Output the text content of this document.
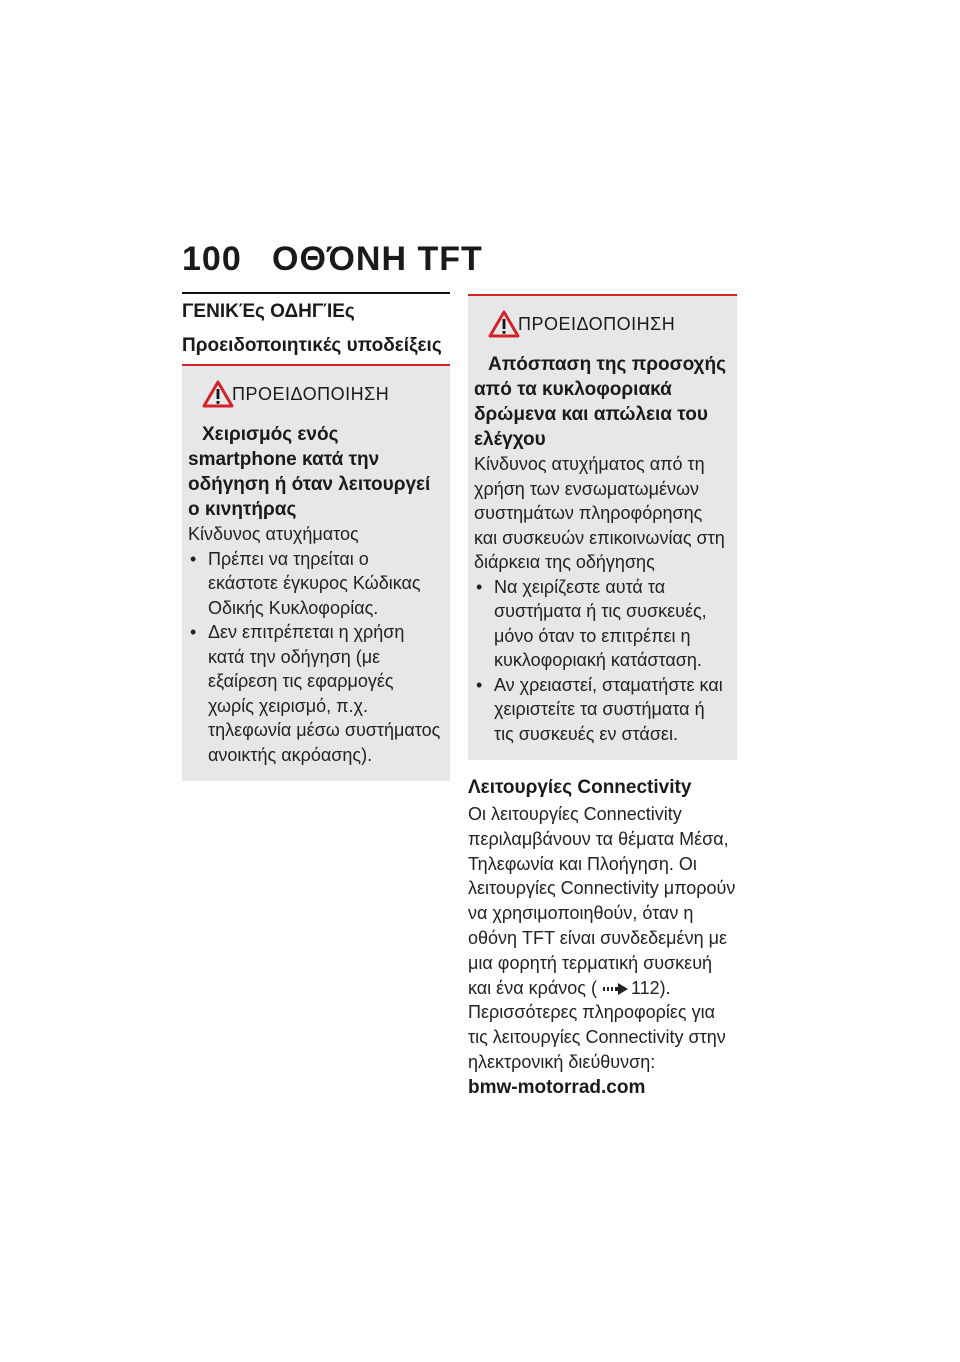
100 ΟΘΌΝΗ TFT
ΓΕΝΙΚΈς ΟΔΗΓΊΕς
Προειδοποιητικές υποδείξεις
ΠΡΟΕΙΔΟΠΟΙΗΣΗ
Χειρισμός ενός smartphone κατά την οδήγηση ή όταν λειτουργεί ο κινητήρας
Κίνδυνος ατυχήματος
• Πρέπει να τηρείται ο εκάστοτε έγκυρος Κώδικας Οδικής Κυκλοφορίας.
• Δεν επιτρέπεται η χρήση κατά την οδήγηση (με εξαίρεση τις εφαρμογές χωρίς χειρισμό, π.χ. τηλεφωνία μέσω συστήματος ανοικτής ακρόασης).
ΠΡΟΕΙΔΟΠΟΙΗΣΗ
Απόσπαση της προσοχής από τα κυκλοφοριακά δρώμενα και απώλεια του ελέγχου
Κίνδυνος ατυχήματος από τη χρήση των ενσωματωμένων συστημάτων πληροφόρησης και συσκευών επικοινωνίας στη διάρκεια της οδήγησης
• Να χειρίζεστε αυτά τα συστήματα ή τις συσκευές, μόνο όταν το επιτρέπει η κυκλοφοριακή κατάσταση.
• Αν χρειαστεί, σταματήστε και χειριστείτε τα συστήματα ή τις συσκευές εν στάσει.
Λειτουργίες Connectivity

Οι λειτουργίες Connectivity περιλαμβάνουν τα θέματα Μέσα, Τηλεφωνία και Πλοήγηση. Οι λειτουργίες Connectivity μπορούν να χρησιμοποιηθούν, όταν η οθόνη TFT είναι συνδεδεμένη με μια φορητή τερματική συσκευή και ένα κράνος ( 112).

Περισσότερες πληροφορίες για τις λειτουργίες Connectivity στην ηλεκτρονική διεύθυνση:

bmw-motorrad.com
